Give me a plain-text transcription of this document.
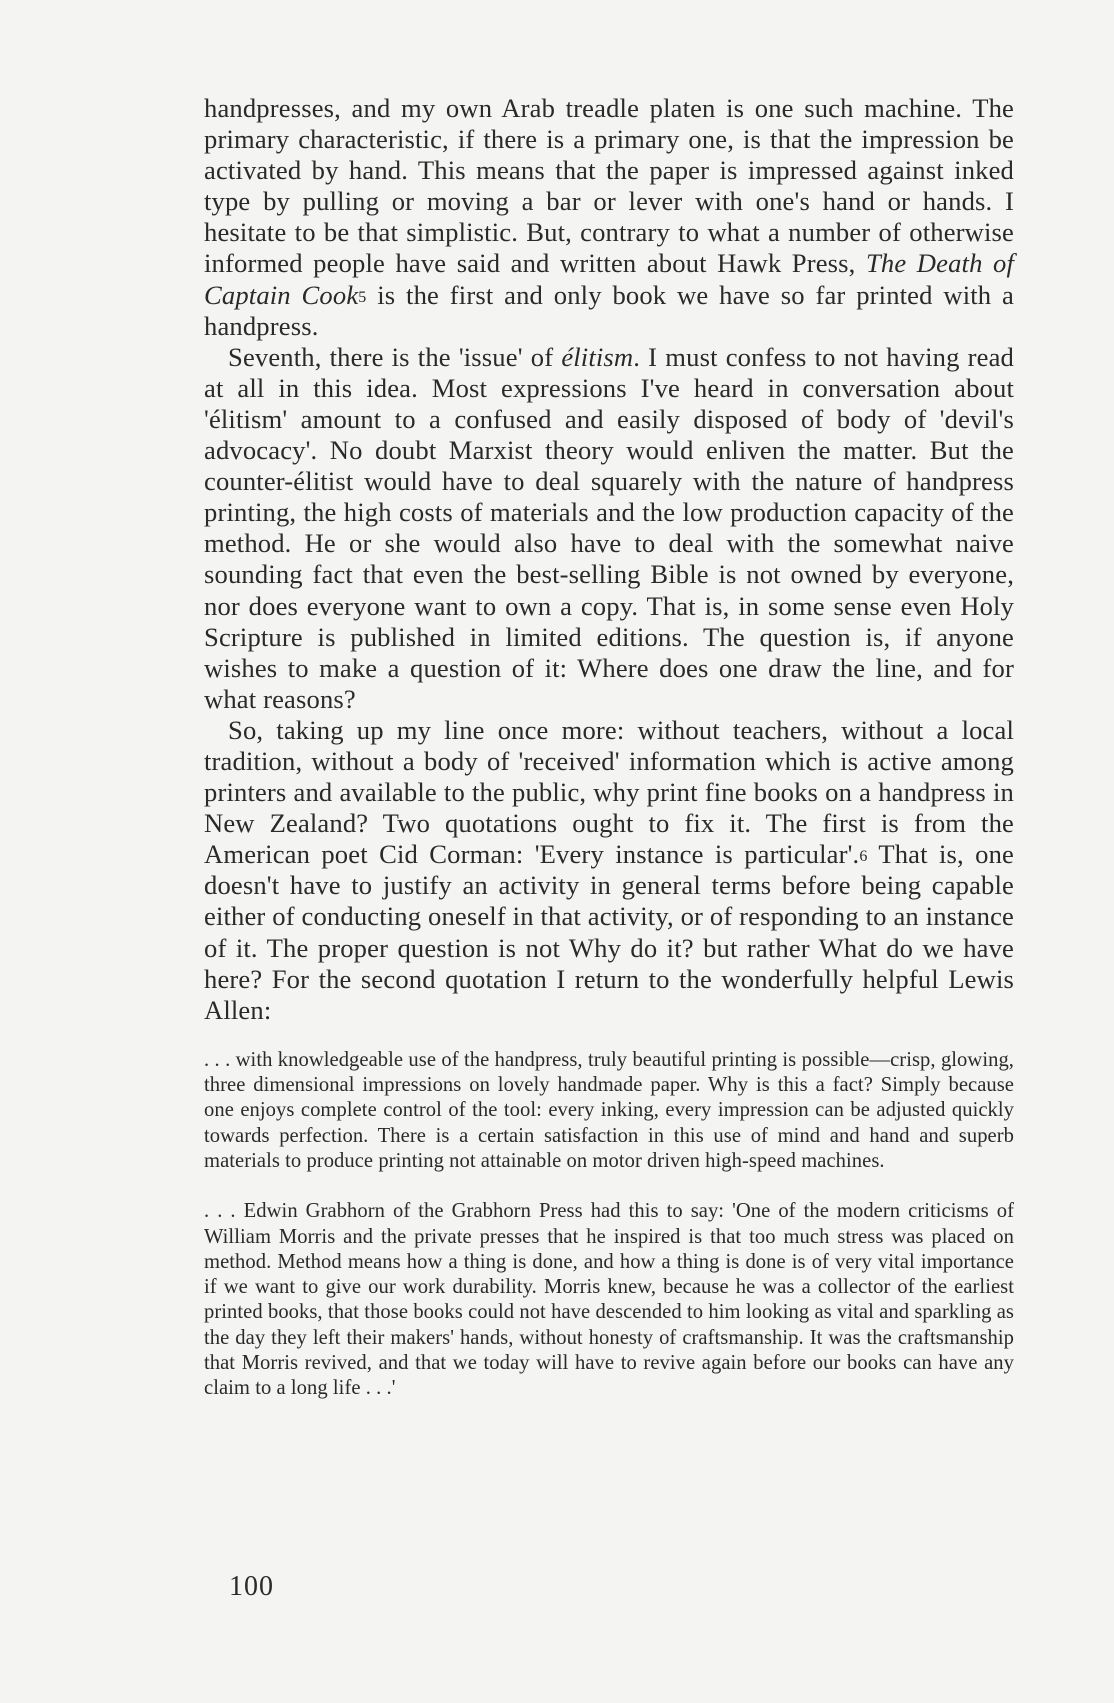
handpresses, and my own Arab treadle platen is one such machine. The primary characteristic, if there is a primary one, is that the impression be activated by hand. This means that the paper is impressed against inked type by pulling or moving a bar or lever with one's hand or hands. I hesitate to be that simplistic. But, contrary to what a number of otherwise informed people have said and written about Hawk Press, The Death of Captain Cook$^5$ is the first and only book we have so far printed with a handpress.

Seventh, there is the 'issue' of élitism. I must confess to not having read at all in this idea. Most expressions I've heard in conversation about 'élitism' amount to a confused and easily disposed of body of 'devil's advocacy'. No doubt Marxist theory would enliven the matter. But the counter-élitist would have to deal squarely with the nature of handpress printing, the high costs of materials and the low production capacity of the method. He or she would also have to deal with the somewhat naive sounding fact that even the best-selling Bible is not owned by everyone, nor does everyone want to own a copy. That is, in some sense even Holy Scripture is published in limited editions. The question is, if anyone wishes to make a question of it: Where does one draw the line, and for what reasons?

So, taking up my line once more: without teachers, without a local tradition, without a body of 'received' information which is active among printers and available to the public, why print fine books on a handpress in New Zealand? Two quotations ought to fix it. The first is from the American poet Cid Corman: 'Every instance is particular'.$^6$ That is, one doesn't have to justify an activity in general terms before being capable either of conducting oneself in that activity, or of responding to an instance of it. The proper question is not Why do it? but rather What do we have here? For the second quotation I return to the wonderfully helpful Lewis Allen:

. . . with knowledgeable use of the handpress, truly beautiful printing is possible—crisp, glowing, three dimensional impressions on lovely handmade paper. Why is this a fact? Simply because one enjoys complete control of the tool: every inking, every impression can be adjusted quickly towards perfection. There is a certain satisfaction in this use of mind and hand and superb materials to produce printing not attainable on motor driven high-speed machines.

. . . Edwin Grabhorn of the Grabhorn Press had this to say: 'One of the modern criticisms of William Morris and the private presses that he inspired is that too much stress was placed on method. Method means how a thing is done, and how a thing is done is of very vital importance if we want to give our work durability. Morris knew, because he was a collector of the earliest printed books, that those books could not have descended to him looking as vital and sparkling as the day they left their makers' hands, without honesty of craftsmanship. It was the craftsmanship that Morris revived, and that we today will have to revive again before our books can have any claim to a long life . . .'

100
